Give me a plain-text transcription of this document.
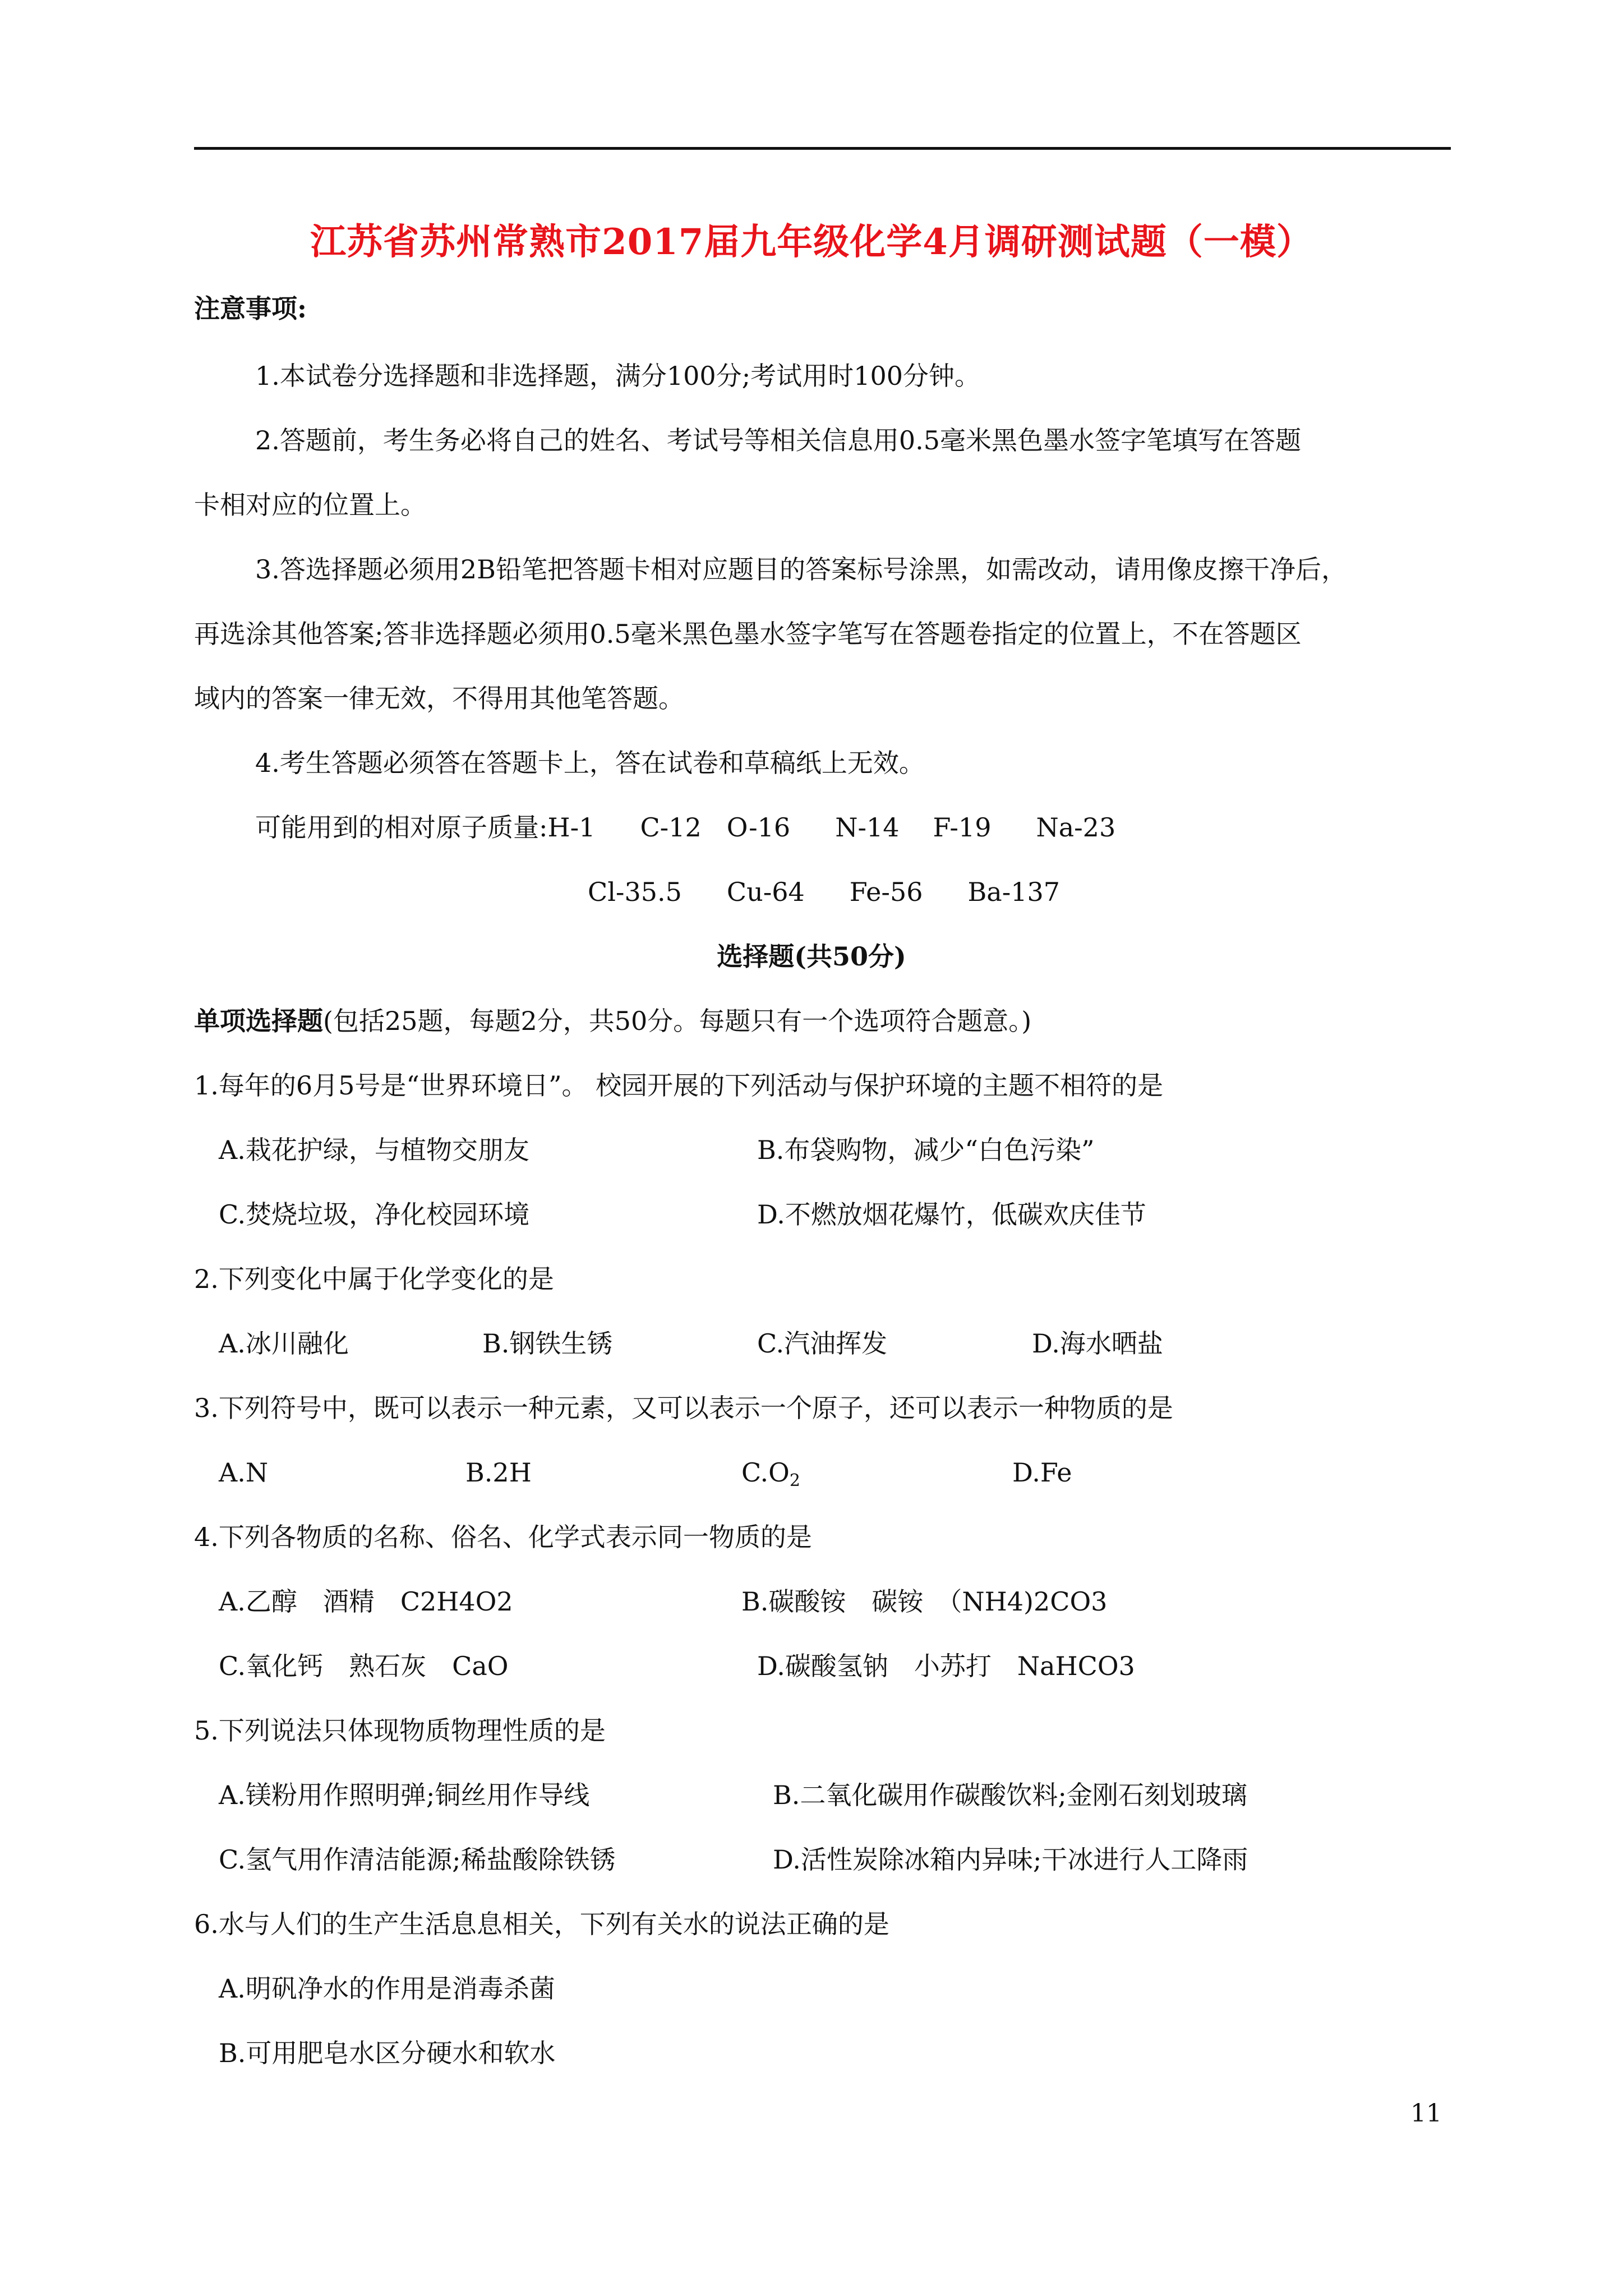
江苏省苏州常熟市2017届九年级化学4月调研测试题（一模）
注意事项:
1.本试卷分选择题和非选择题，满分100分;考试用时100分钟。
2.答题前，考生务必将自己的姓名、考试号等相关信息用0.5毫米黑色墨水签字笔填写在答题
卡相对应的位置上。
3.答选择题必须用2B铅笔把答题卡相对应题目的答案标号涂黑，如需改动，请用像皮擦干净后，
再选涂其他答案;答非选择题必须用0.5毫米黑色墨水签字笔写在答题卷指定的位置上，不在答题区
域内的答案一律无效，不得用其他笔答题。
4.考生答题必须答在答题卡上，答在试卷和草稿纸上无效。
可能用到的相对原子质量:H-1 C-12 O-16 N-14 F-19 Na-23
Cl-35.5 Cu-64 Fe-56 Ba-137
选择题(共50分)
单项选择题(包括25题，每题2分，共50分。每题只有一个选项符合题意。)
1.每年的6月5号是“世界环境日”。 校园开展的下列活动与保护环境的主题不相符的是
A.栽花护绿，与植物交朋友	B.布袋购物，减少“白色污染”
C.焚烧垃圾，净化校园环境	D.不燃放烟花爆竹，低碳欢庆佳节
2.下列变化中属于化学变化的是
A.冰川融化	B.钢铁生锈	C.汽油挥发	D.海水晒盐
3.下列符号中，既可以表示一种元素，又可以表示一个原子，还可以表示一种物质的是
A.N	B.2H	$C.O_2$	D.Fe
4.下列各物质的名称、俗名、化学式表示同一物质的是
A.乙醇　酒精　C2H4O2	B.碳酸铵　碳铵　（NH4)2CO3
C.氧化钙　熟石灰　CaO	D.碳酸氢钠　小苏打　NaHCO3
5.下列说法只体现物质物理性质的是
A.镁粉用作照明弹;铜丝用作导线	B.二氧化碳用作碳酸饮料;金刚石刻划玻璃
C.氢气用作清洁能源;稀盐酸除铁锈	D.活性炭除冰箱内异味;干冰进行人工降雨
6.水与人们的生产生活息息相关，下列有关水的说法正确的是
A.明矾净水的作用是消毒杀菌
B.可用肥皂水区分硬水和软水
11
